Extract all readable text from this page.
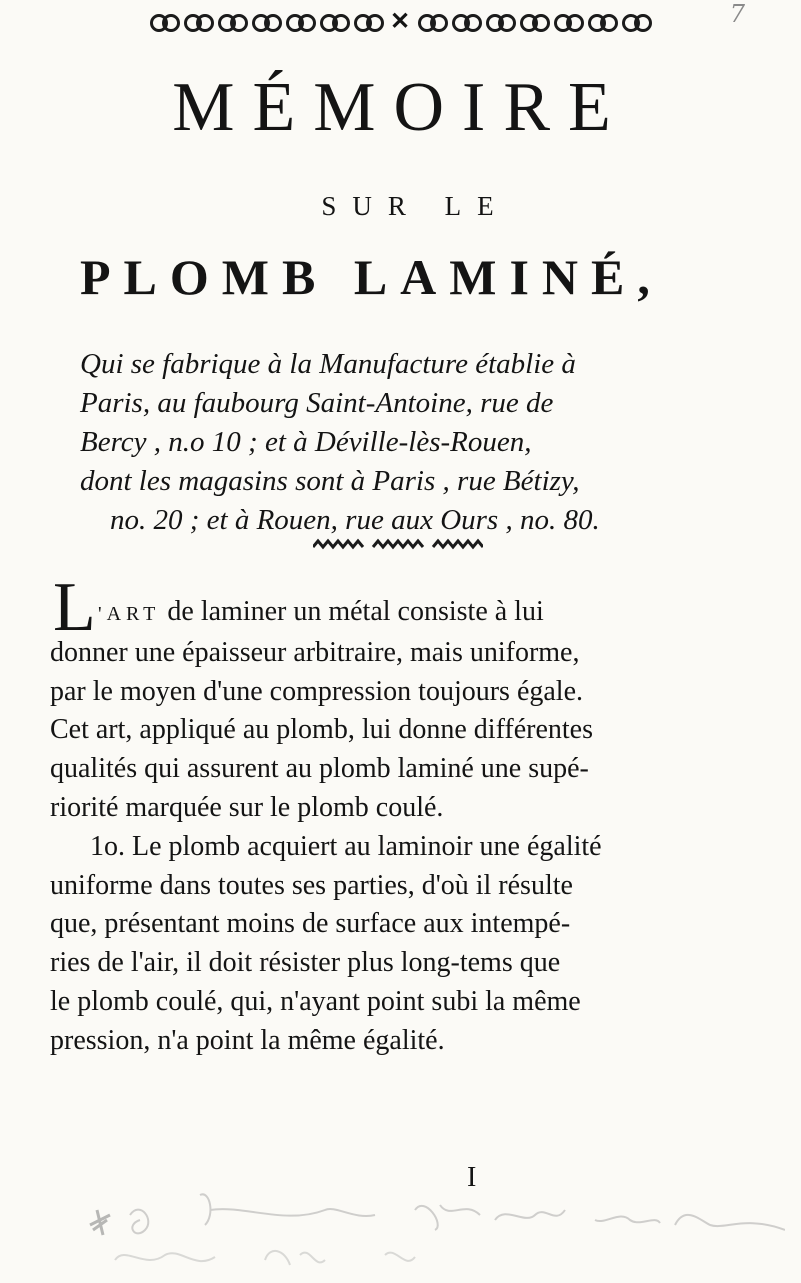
✕	7
MÉMOIRE
SUR LE
PLOMB LAMINÉ,

Qui se fabrique à la Manufacture établie à

Paris, au faubourg Saint-Antoine, rue de

Bercy , n.o 10 ; et à Déville-lès-Rouen,

dont les magasins sont à Paris , rue Bétizy,

no. 20 ; et à Rouen, rue aux Ours , no. 80.

L 'ART de laminer un métal consiste à lui

donner une épaisseur arbitraire, mais uniforme,

par le moyen d'une compression toujours égale.

Cet art, appliqué au plomb, lui donne différentes

qualités qui assurent au plomb laminé une supé-

riorité marquée sur le plomb coulé.

1o. Le plomb acquiert au laminoir une égalité

uniforme dans toutes ses parties, d'où il résulte

que, présentant moins de surface aux intempé-

ries de l'air, il doit résister plus long-tems que

le plomb coulé, qui, n'ayant point subi la même

pression, n'a point la même égalité.

I
